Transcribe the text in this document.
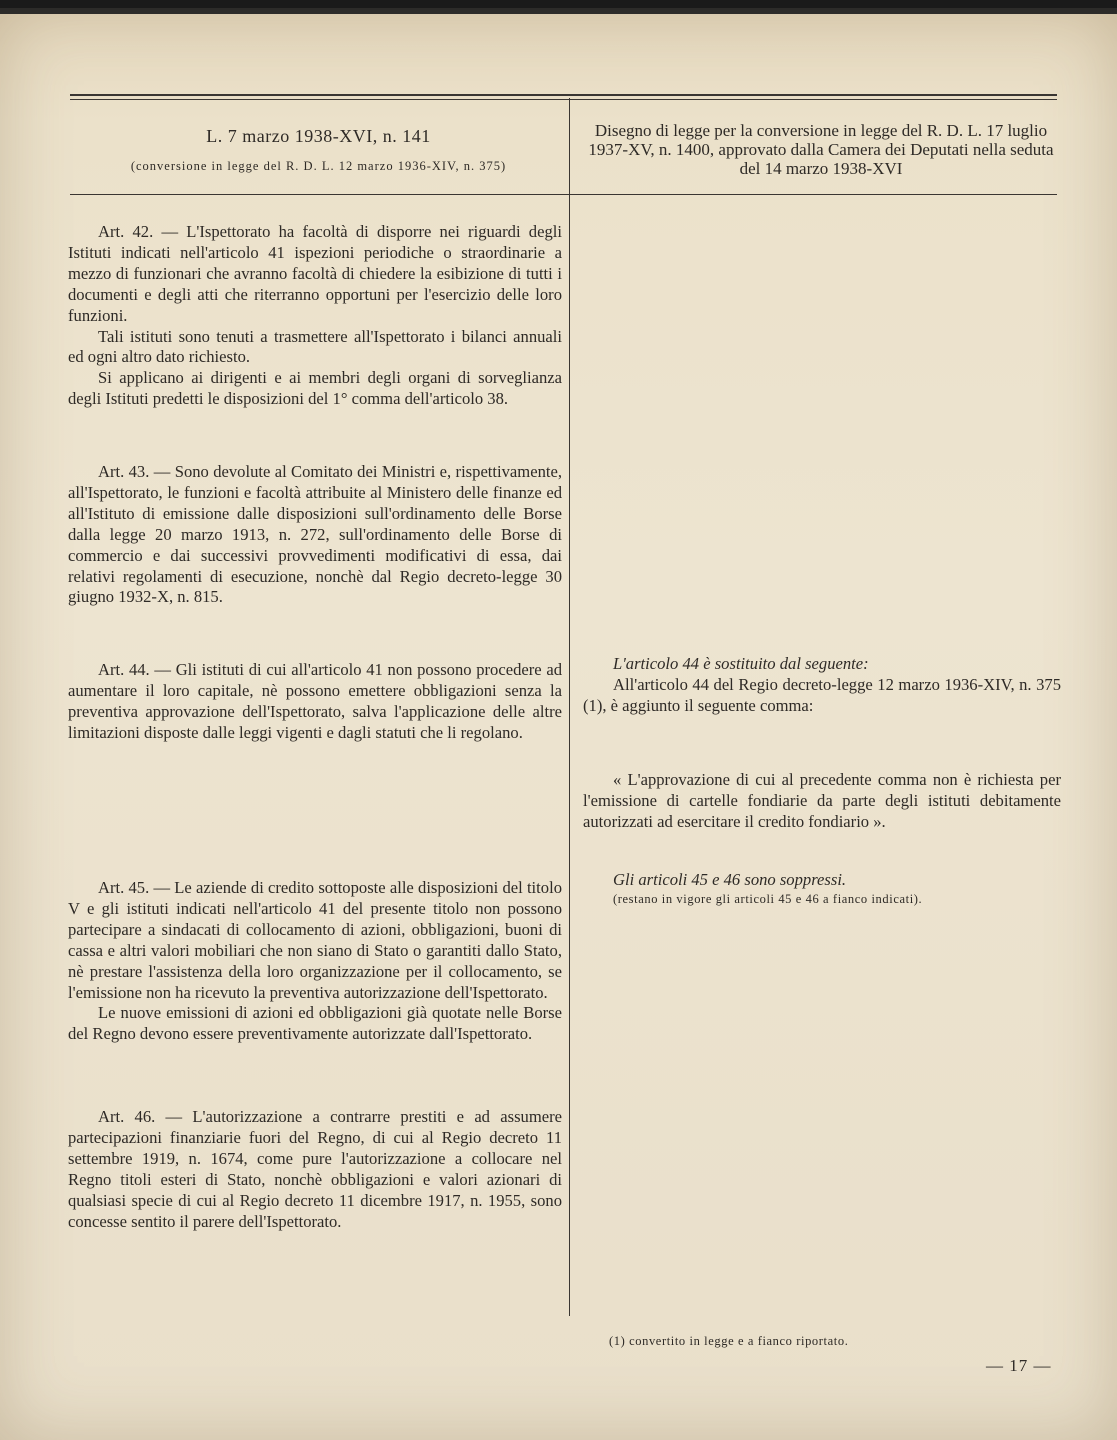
L. 7 marzo 1938-XVI, n. 141
(conversione in legge del R. D. L. 12 marzo 1936-XIV, n. 375)
Disegno di legge per la conversione in legge del R. D. L. 17 luglio 1937-XV, n. 1400, approvato dalla Camera dei Deputati nella seduta del 14 marzo 1938-XVI

Art. 42. — L'Ispettorato ha facoltà di disporre nei riguardi degli Istituti indicati nell'articolo 41 ispezioni periodiche o straordinarie a mezzo di funzionari che avranno facoltà di chiedere la esibizione di tutti i documenti e degli atti che riterranno opportuni per l'esercizio delle loro funzioni.

Tali istituti sono tenuti a trasmettere all'Ispettorato i bilanci annuali ed ogni altro dato richiesto.

Si applicano ai dirigenti e ai membri degli organi di sorveglianza degli Istituti predetti le disposizioni del 1° comma dell'articolo 38.

Art. 43. — Sono devolute al Comitato dei Ministri e, rispettivamente, all'Ispettorato, le funzioni e facoltà attribuite al Ministero delle finanze ed all'Istituto di emissione dalle disposizioni sull'ordinamento delle Borse dalla legge 20 marzo 1913, n. 272, sull'ordinamento delle Borse di commercio e dai successivi provvedimenti modificativi di essa, dai relativi regolamenti di esecuzione, nonchè dal Regio decreto-legge 30 giugno 1932-X, n. 815.

Art. 44. — Gli istituti di cui all'articolo 41 non possono procedere ad aumentare il loro capitale, nè possono emettere obbligazioni senza la preventiva approvazione dell'Ispettorato, salva l'applicazione delle altre limitazioni disposte dalle leggi vigenti e dagli statuti che li regolano.

Art. 45. — Le aziende di credito sottoposte alle disposizioni del titolo V e gli istituti indicati nell'articolo 41 del presente titolo non possono partecipare a sindacati di collocamento di azioni, obbligazioni, buoni di cassa e altri valori mobiliari che non siano di Stato o garantiti dallo Stato, nè prestare l'assistenza della loro organizzazione per il collocamento, se l'emissione non ha ricevuto la preventiva autorizzazione dell'Ispettorato.

Le nuove emissioni di azioni ed obbligazioni già quotate nelle Borse del Regno devono essere preventivamente autorizzate dall'Ispettorato.

Art. 46. — L'autorizzazione a contrarre prestiti e ad assumere partecipazioni finanziarie fuori del Regno, di cui al Regio decreto 11 settembre 1919, n. 1674, come pure l'autorizzazione a collocare nel Regno titoli esteri di Stato, nonchè obbligazioni e valori azionari di qualsiasi specie di cui al Regio decreto 11 dicembre 1917, n. 1955, sono concesse sentito il parere dell'Ispettorato.

L'articolo 44 è sostituito dal seguente:

All'articolo 44 del Regio decreto-legge 12 marzo 1936-XIV, n. 375 (1), è aggiunto il seguente comma:

« L'approvazione di cui al precedente comma non è richiesta per l'emissione di cartelle fondiarie da parte degli istituti debitamente autorizzati ad esercitare il credito fondiario ».

Gli articoli 45 e 46 sono soppressi.

(restano in vigore gli articoli 45 e 46 a fianco indicati).

(1) convertito in legge e a fianco riportato.
— 17 —
